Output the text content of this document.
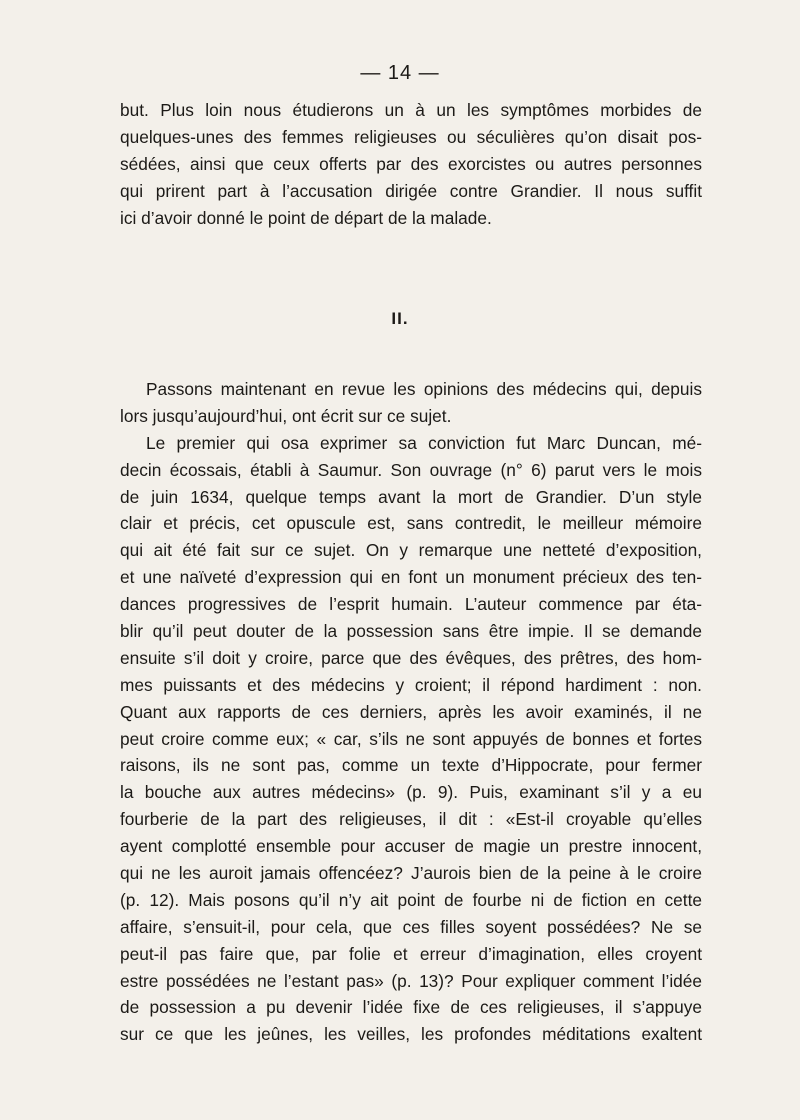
— 14 —
but. Plus loin nous étudierons un à un les symptômes morbides de
quelques-unes des femmes religieuses ou séculières qu’on disait pos-
sédées, ainsi que ceux offerts par des exorcistes ou autres personnes
qui prirent part à l’accusation dirigée contre Grandier. Il nous suffit
ici d’avoir donné le point de départ de la malade.
II.
Passons maintenant en revue les opinions des médecins qui, depuis
lors jusqu’aujourd’hui, ont écrit sur ce sujet.
Le premier qui osa exprimer sa conviction fut Marc Duncan, mé-
decin écossais, établi à Saumur. Son ouvrage (n° 6) parut vers le mois
de juin 1634, quelque temps avant la mort de Grandier. D’un style
clair et précis, cet opuscule est, sans contredit, le meilleur mémoire
qui ait été fait sur ce sujet. On y remarque une netteté d’exposition,
et une naïveté d’expression qui en font un monument précieux des ten-
dances progressives de l’esprit humain. L’auteur commence par éta-
blir qu’il peut douter de la possession sans être impie. Il se demande
ensuite s’il doit y croire, parce que des évêques, des prêtres, des hom-
mes puissants et des médecins y croient; il répond hardiment : non.
Quant aux rapports de ces derniers, après les avoir examinés, il ne
peut croire comme eux; « car, s’ils ne sont appuyés de bonnes et fortes
raisons, ils ne sont pas, comme un texte d’Hippocrate, pour fermer
la bouche aux autres médecins» (p. 9). Puis, examinant s’il y a eu
fourberie de la part des religieuses, il dit : «Est-il croyable qu’elles
ayent complotté ensemble pour accuser de magie un prestre innocent,
qui ne les auroit jamais offencéez? J’aurois bien de la peine à le croire
(p. 12). Mais posons qu’il n’y ait point de fourbe ni de fiction en cette
affaire, s’ensuit-il, pour cela, que ces filles soyent possédées? Ne se
peut-il pas faire que, par folie et erreur d’imagination, elles croyent
estre possédées ne l’estant pas» (p. 13)? Pour expliquer comment l’idée
de possession a pu devenir l’idée fixe de ces religieuses, il s’appuye
sur ce que les jeûnes, les veilles, les profondes méditations exaltent
